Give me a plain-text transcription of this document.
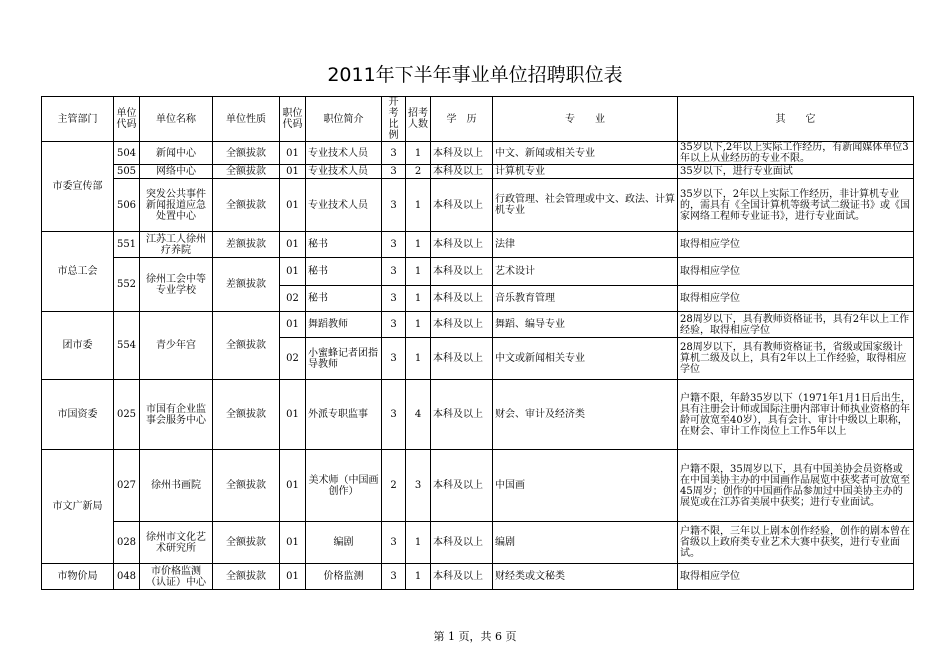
2011年下半年事业单位招聘职位表
主管部门	单位代码	单位名称	单位性质	职位代码	职位简介	开考比例	招考人数	学　历	专　　业	其　　它
市委宣传部	504	新闻中心	全额拔款	01	专业技术人员	3	1	本科及以上	中文、新闻或相关专业	35岁以下,2年以上实际工作经历，有新闻媒体单位3年以上从业经历的专业不限。
	505	网络中心	全额拔款	01	专业技术人员	3	2	本科及以上	计算机专业	35岁以下，进行专业面试
	506	突发公共事件新闻报道应急处置中心	全额拔款	01	专业技术人员	3	1	本科及以上	行政管理、社会管理或中文、政法、计算机专业	35岁以下，2年以上实际工作经历，非计算机专业的，需具有《全国计算机等级考试二级证书》或《国家网络工程师专业证书》，进行专业面试。
市总工会	551	江苏工人徐州疗养院	差额拔款	01	秘书	3	1	本科及以上	法律	取得相应学位
	552	徐州工会中等专业学校	差额拔款	01	秘书	3	1	本科及以上	艺术设计	取得相应学位
				02	秘书	3	1	本科及以上	音乐教育管理	取得相应学位
团市委	554	青少年宫	全额拔款	01	舞蹈教师	3	1	本科及以上	舞蹈、编导专业	28周岁以下，具有教师资格证书，具有2年以上工作经验，取得相应学位
				02	小蜜蜂记者团指导教师	3	1	本科及以上	中文或新闻相关专业	28周岁以下，具有教师资格证书，省级或国家级计算机二级及以上，具有2年以上工作经验，取得相应学位
市国资委	025	市国有企业监事会服务中心	全额拔款	01	外派专职监事	3	4	本科及以上	财会、审计及经济类	户籍不限，年龄35岁以下（1971年1月1日后出生，具有注册会计师或国际注册内部审计师执业资格的年龄可放宽至40岁），具有会计、审计中级以上职称，在财会、审计工作岗位上工作5年以上
市文广新局	027	徐州书画院	全额拔款	01	美术师（中国画创作）	2	3	本科及以上	中国画	户籍不限，35周岁以下，具有中国美协会员资格或在中国美协主办的中国画作品展览中获奖者可放宽至45周岁；创作的中国画作品参加过中国美协主办的展览或在江苏省美展中获奖；进行专业面试。
	028	徐州市文化艺术研究所	全额拔款	01	编剧	3	1	本科及以上	编剧	户籍不限，三年以上剧本创作经验，创作的剧本曾在省级以上政府类专业艺术大赛中获奖，进行专业面试。
市物价局	048	市价格监测（认证）中心	全额拔款	01	价格监测	3	1	本科及以上	财经类或文秘类	取得相应学位
第 1 页，共 6 页
